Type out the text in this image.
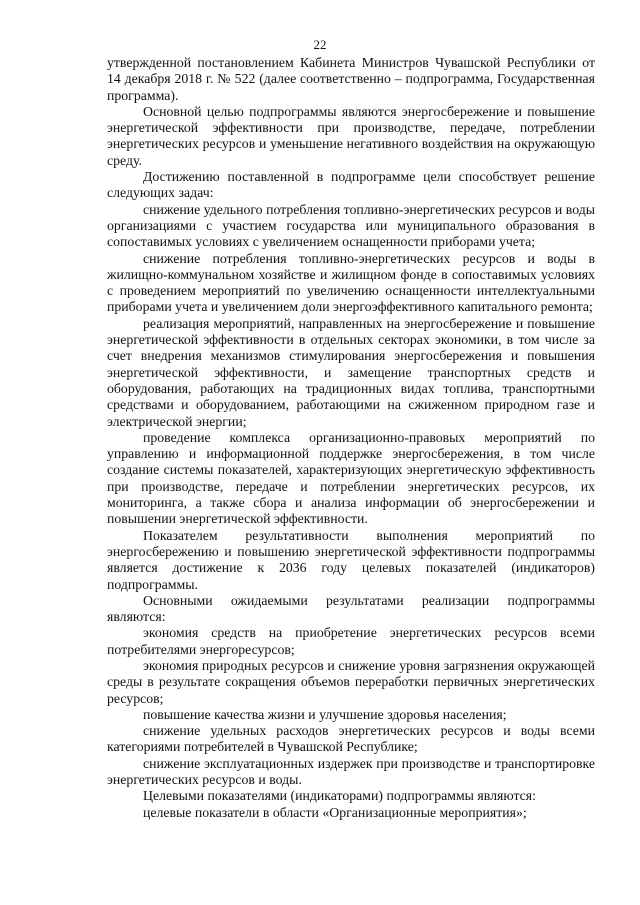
22

утвержденной постановлением Кабинета Министров Чувашской Республики от 14 декабря 2018 г. № 522 (далее соответственно – подпрограмма, Государственная программа).

Основной целью подпрограммы являются энергосбережение и повышение энергетической эффективности при производстве, передаче, потреблении энергетических ресурсов и уменьшение негативного воздействия на окружающую среду.

Достижению поставленной в подпрограмме цели способствует решение следующих задач:

снижение удельного потребления топливно-энергетических ресурсов и воды организациями с участием государства или муниципального образования в сопоставимых условиях с увеличением оснащенности приборами учета;

снижение потребления топливно-энергетических ресурсов и воды в жилищно-коммунальном хозяйстве и жилищном фонде в сопоставимых условиях с проведением мероприятий по увеличению оснащенности интеллектуальными приборами учета и увеличением доли энергоэффективного капитального ремонта;

реализация мероприятий, направленных на энергосбережение и повышение энергетической эффективности в отдельных секторах экономики, в том числе за счет внедрения механизмов стимулирования энергосбережения и повышения энергетической эффективности, и замещение транспортных средств и оборудования, работающих на традиционных видах топлива, транспортными средствами и оборудованием, работающими на сжиженном природном газе и электрической энергии;

проведение комплекса организационно-правовых мероприятий по управлению и информационной поддержке энергосбережения, в том числе создание системы показателей, характеризующих энергетическую эффективность при производстве, передаче и потреблении энергетических ресурсов, их мониторинга, а также сбора и анализа информации об энергосбережении и повышении энергетической эффективности.

Показателем результативности выполнения мероприятий по энергосбережению и повышению энергетической эффективности подпрограммы является достижение к 2036 году целевых показателей (индикаторов) подпрограммы.

Основными ожидаемыми результатами реализации подпрограммы являются:

экономия средств на приобретение энергетических ресурсов всеми потребителями энергоресурсов;

экономия природных ресурсов и снижение уровня загрязнения окружающей среды в результате сокращения объемов переработки первичных энергетических ресурсов;

повышение качества жизни и улучшение здоровья населения;

снижение удельных расходов энергетических ресурсов и воды всеми категориями потребителей в Чувашской Республике;

снижение эксплуатационных издержек при производстве и транспортировке энергетических ресурсов и воды.

Целевыми показателями (индикаторами) подпрограммы являются:

целевые показатели в области «Организационные мероприятия»;
